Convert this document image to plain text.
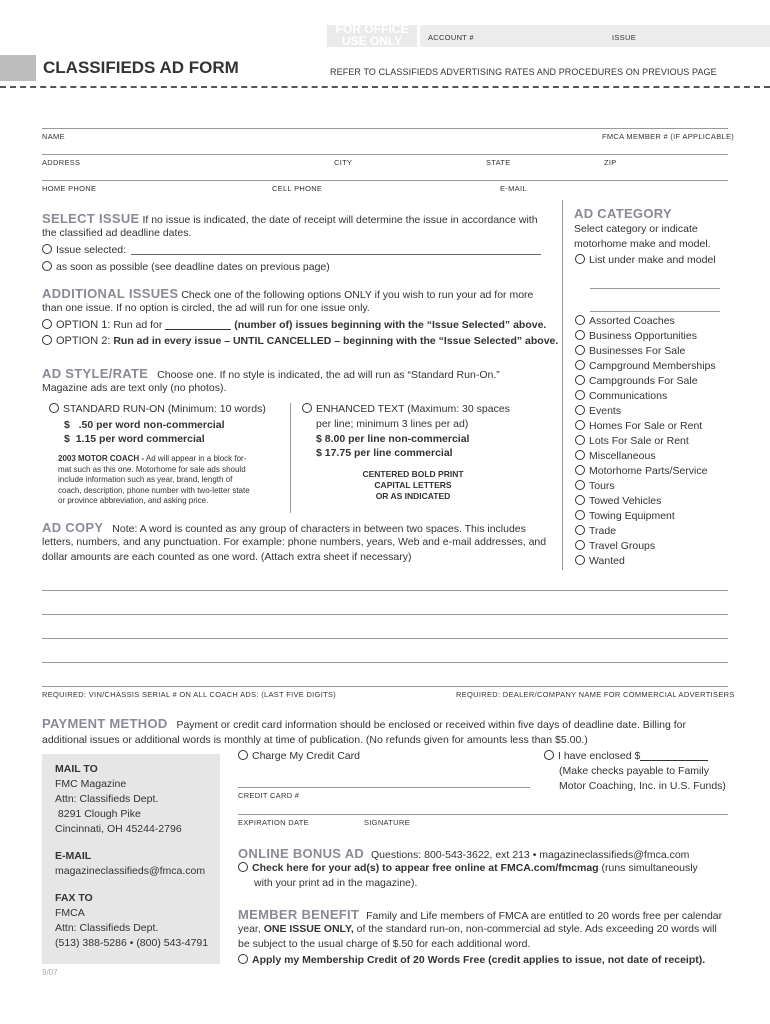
FOR OFFICE
USE ONLY	ACCOUNT #	ISSUE
CLASSIFIEDS AD FORM	REFER TO CLASSIFIEDS ADVERTISING RATES AND PROCEDURES ON PREVIOUS PAGE
NAME	FMCA MEMBER # (IF APPLICABLE)
ADDRESS	CITY	STATE	ZIP
HOME PHONE	CELL PHONE	E-MAIL
SELECT ISSUE If no issue is indicated, the date of receipt will determine the issue in accordance with
the classified ad deadline dates.
Issue selected:
as soon as possible (see deadline dates on previous page)
ADDITIONAL ISSUES Check one of the following options ONLY if you wish to run your ad for more
than one issue. If no option is circled, the ad will run for one issue only.
OPTION 1: Run ad for	(number of) issues beginning with the “Issue Selected” above.
OPTION 2: Run ad in every issue – UNTIL CANCELLED – beginning with the “Issue Selected” above.
AD STYLE/RATE Choose one. If no style is indicated, the ad will run as “Standard Run-On.”
Magazine ads are text only (no photos).
STANDARD RUN-ON (Minimum: 10 words)
$ .50 per word non-commercial
$ 1.15 per word commercial
2003 MOTOR COACH - Ad will appear in a block for-
mat such as this one. Motorhome for sale ads should
include information such as year, brand, length of
coach, description, phone number with two-letter state
or province abbreviation, and asking price.
ENHANCED TEXT (Maximum: 30 spaces
per line; minimum 3 lines per ad)
$ 8.00 per line non-commercial
$ 17.75 per line commercial
CENTERED BOLD PRINT
CAPITAL LETTERS
OR AS INDICATED
AD COPY Note: A word is counted as any group of characters in between two spaces. This includes
letters, numbers, and any punctuation. For example: phone numbers, years, Web and e-mail addresses, and
dollar amounts are each counted as one word. (Attach extra sheet if necessary)
REQUIRED: VIN/CHASSIS SERIAL # ON ALL COACH ADS: (LAST FIVE DIGITS)	REQUIRED: DEALER/COMPANY NAME FOR COMMERCIAL ADVERTISERS
AD CATEGORY
Select category or indicate
motorhome make and model.
List under make and model
Assorted Coaches
Business Opportunities
Businesses For Sale
Campground Memberships
Campgrounds For Sale
Communications
Events
Homes For Sale or Rent
Lots For Sale or Rent
Miscellaneous
Motorhome Parts/Service
Tours
Towed Vehicles
Towing Equipment
Trade
Travel Groups
Wanted
PAYMENT METHOD Payment or credit card information should be enclosed or received within five days of deadline date. Billing for
additional issues or additional words is monthly at time of publication. (No refunds given for amounts less than $5.00.)
Charge My Credit Card	I have enclosed $
(Make checks payable to Family
Motor Coaching, Inc. in U.S. Funds)
CREDIT CARD #
EXPIRATION DATE	SIGNATURE
MAIL TO
FMC Magazine
Attn: Classifieds Dept.
8291 Clough Pike
Cincinnati, OH 45244-2796
E-MAIL
magazineclassifieds@fmca.com
FAX TO
FMCA
Attn: Classifieds Dept.
(513) 388-5286 • (800) 543-4791
ONLINE BONUS AD Questions: 800-543-3622, ext 213 • magazineclassifieds@fmca.com
Check here for your ad(s) to appear free online at FMCA.com/fmcmag (runs simultaneously
with your print ad in the magazine).
MEMBER BENEFIT Family and Life members of FMCA are entitled to 20 words free per calendar
year, ONE ISSUE ONLY, of the standard run-on, non-commercial ad style. Ads exceeding 20 words will
be subject to the usual charge of $.50 for each additional word.
Apply my Membership Credit of 20 Words Free (credit applies to issue, not date of receipt).
9/07
